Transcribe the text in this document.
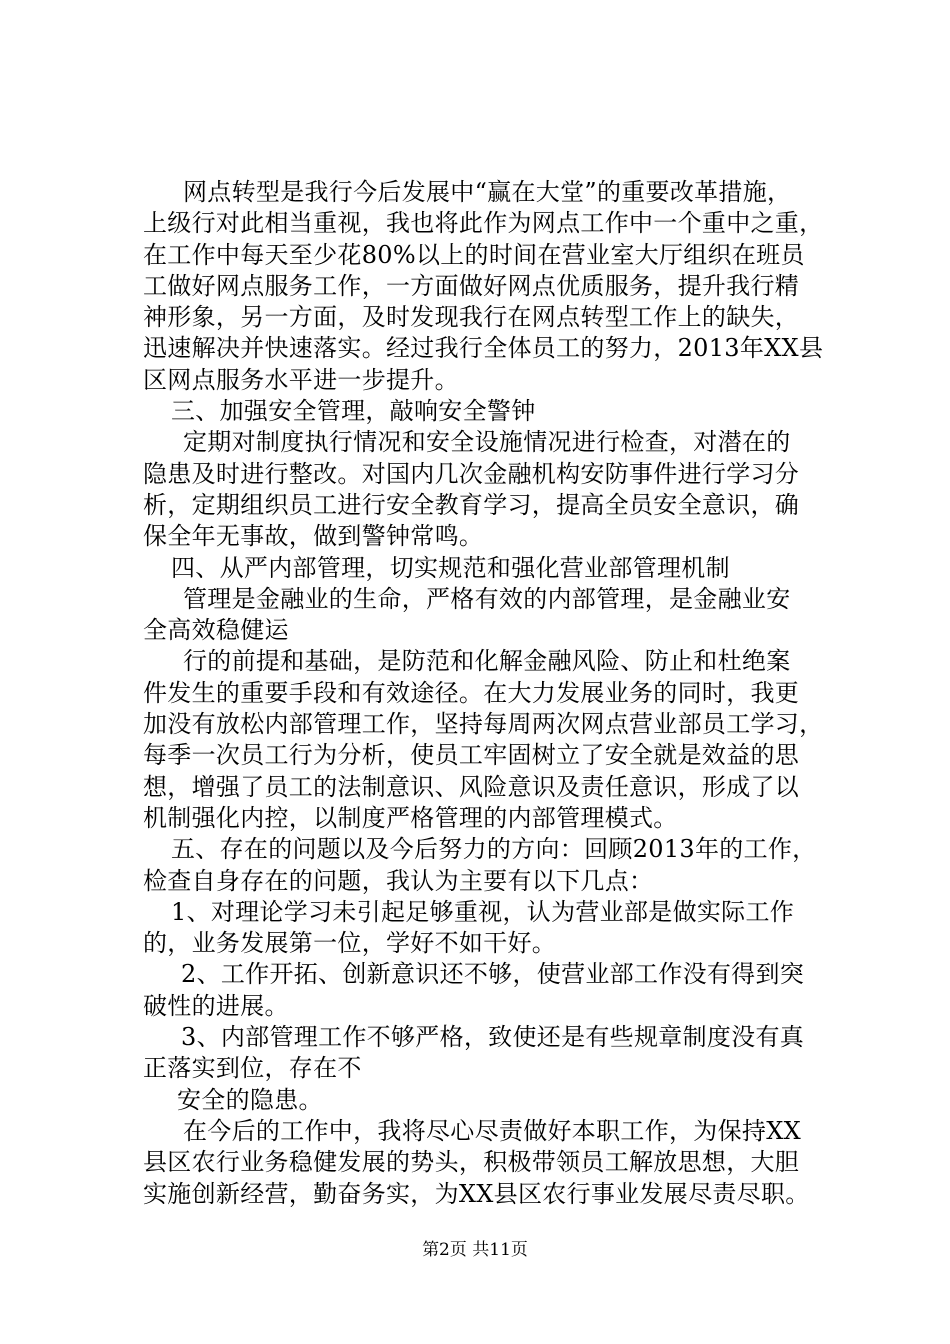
网点转型是我行今后发展中“赢在大堂”的重要改革措施，
上级行对此相当重视，我也将此作为网点工作中一个重中之重，
在工作中每天至少花80%以上的时间在营业室大厅组织在班员
工做好网点服务工作，一方面做好网点优质服务，提升我行精
神形象，另一方面，及时发现我行在网点转型工作上的缺失，
迅速解决并快速落实。经过我行全体员工的努力，2013年XX县
区网点服务水平进一步提升。
三、加强安全管理，敲响安全警钟
定期对制度执行情况和安全设施情况进行检查，对潜在的
隐患及时进行整改。对国内几次金融机构安防事件进行学习分
析，定期组织员工进行安全教育学习，提高全员安全意识，确
保全年无事故，做到警钟常鸣。
四、从严内部管理，切实规范和强化营业部管理机制
管理是金融业的生命，严格有效的内部管理，是金融业安
全高效稳健运
行的前提和基础，是防范和化解金融风险、防止和杜绝案
件发生的重要手段和有效途径。在大力发展业务的同时，我更
加没有放松内部管理工作，坚持每周两次网点营业部员工学习，
每季一次员工行为分析，使员工牢固树立了安全就是效益的思
想，增强了员工的法制意识、风险意识及责任意识，形成了以
机制强化内控，以制度严格管理的内部管理模式。
五、存在的问题以及今后努力的方向：回顾2013年的工作，
检查自身存在的问题，我认为主要有以下几点：
1、对理论学习未引起足够重视，认为营业部是做实际工作
的，业务发展第一位，学好不如干好。
2、工作开拓、创新意识还不够，使营业部工作没有得到突
破性的进展。
3、内部管理工作不够严格，致使还是有些规章制度没有真
正落实到位，存在不
安全的隐患。
在今后的工作中，我将尽心尽责做好本职工作，为保持XX
县区农行业务稳健发展的势头，积极带领员工解放思想，大胆
实施创新经营，勤奋务实，为XX县区农行事业发展尽责尽职。
第2页 共11页
